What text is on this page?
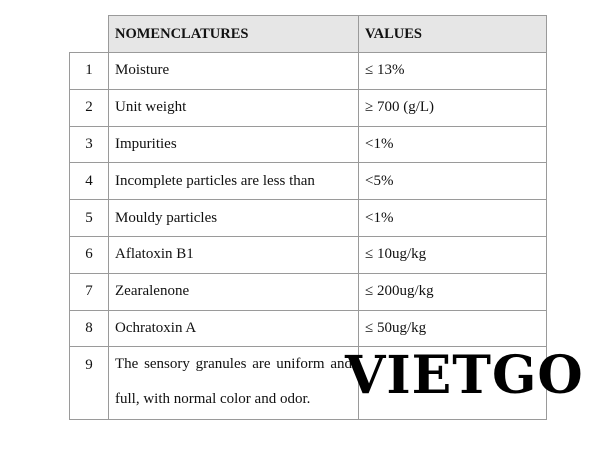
	NOMENCLATURES	VALUES
1	Moisture	≤ 13%
2	Unit weight	≥ 700 (g/L)
3	Impurities	<1%
4	Incomplete particles are less than	<5%
5	Mouldy particles	<1%
6	Aflatoxin B1	≤ 10ug/kg
7	Zearalenone	≤ 200ug/kg
8	Ochratoxin A	≤ 50ug/kg
9	The sensory granules are uniform and full, with normal color and odor.	VIETGO
